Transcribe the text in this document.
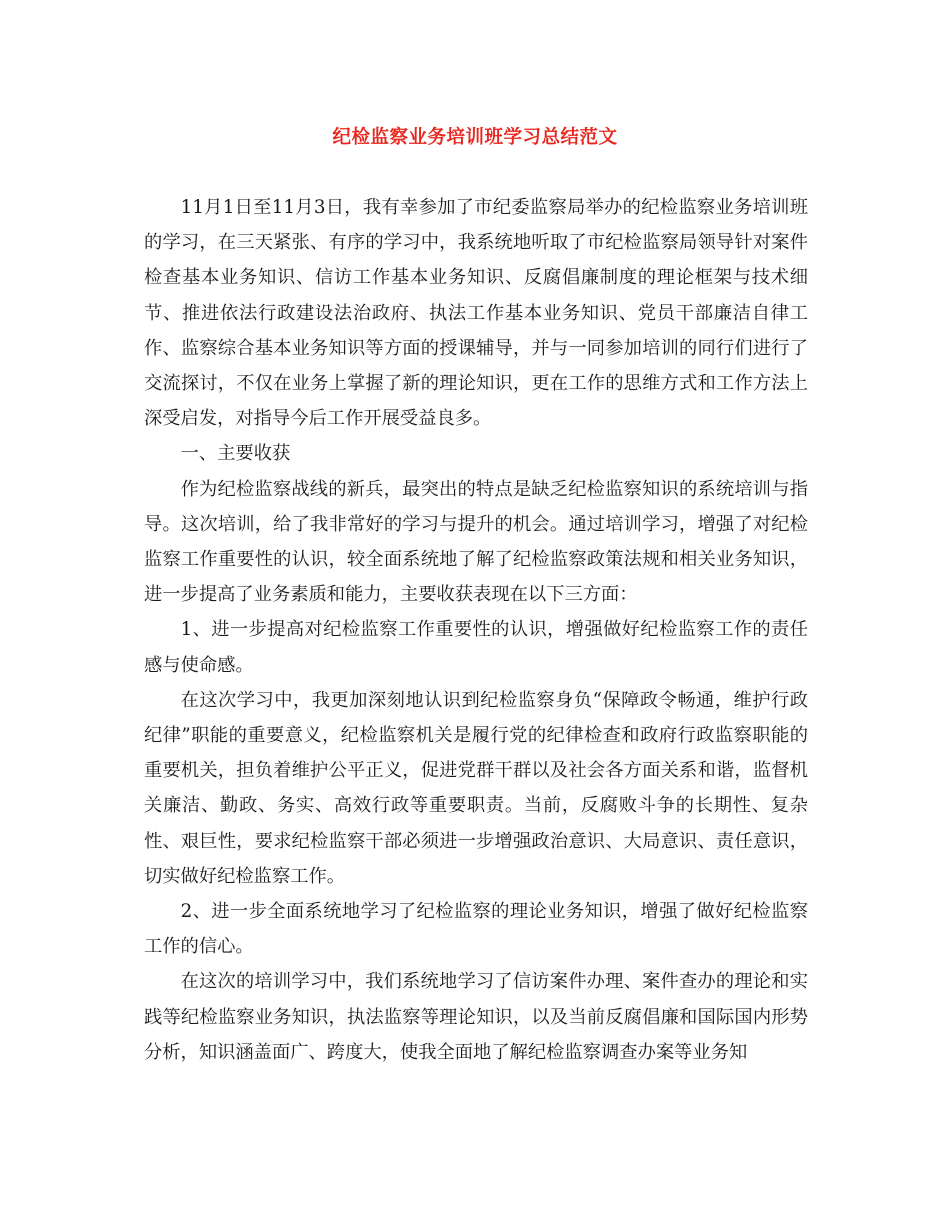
纪检监察业务培训班学习总结范文

11月1日至11月3日，我有幸参加了市纪委监察局举办的纪检监察业务培训班的学习，在三天紧张、有序的学习中，我系统地听取了市纪检监察局领导针对案件检查基本业务知识、信访工作基本业务知识、反腐倡廉制度的理论框架与技术细节、推进依法行政建设法治政府、执法工作基本业务知识、党员干部廉洁自律工作、监察综合基本业务知识等方面的授课辅导，并与一同参加培训的同行们进行了交流探讨，不仅在业务上掌握了新的理论知识，更在工作的思维方式和工作方法上深受启发，对指导今后工作开展受益良多。

一、主要收获

作为纪检监察战线的新兵，最突出的特点是缺乏纪检监察知识的系统培训与指导。这次培训，给了我非常好的学习与提升的机会。通过培训学习，增强了对纪检监察工作重要性的认识，较全面系统地了解了纪检监察政策法规和相关业务知识，进一步提高了业务素质和能力，主要收获表现在以下三方面：

1、进一步提高对纪检监察工作重要性的认识，增强做好纪检监察工作的责任感与使命感。

在这次学习中，我更加深刻地认识到纪检监察身负“保障政令畅通，维护行政纪律”职能的重要意义，纪检监察机关是履行党的纪律检查和政府行政监察职能的重要机关，担负着维护公平正义，促进党群干群以及社会各方面关系和谐，监督机关廉洁、勤政、务实、高效行政等重要职责。当前，反腐败斗争的长期性、复杂性、艰巨性，要求纪检监察干部必须进一步增强政治意识、大局意识、责任意识，切实做好纪检监察工作。

2、进一步全面系统地学习了纪检监察的理论业务知识，增强了做好纪检监察工作的信心。

在这次的培训学习中，我们系统地学习了信访案件办理、案件查办的理论和实践等纪检监察业务知识，执法监察等理论知识，以及当前反腐倡廉和国际国内形势分析，知识涵盖面广、跨度大，使我全面地了解纪检监察调查办案等业务知
